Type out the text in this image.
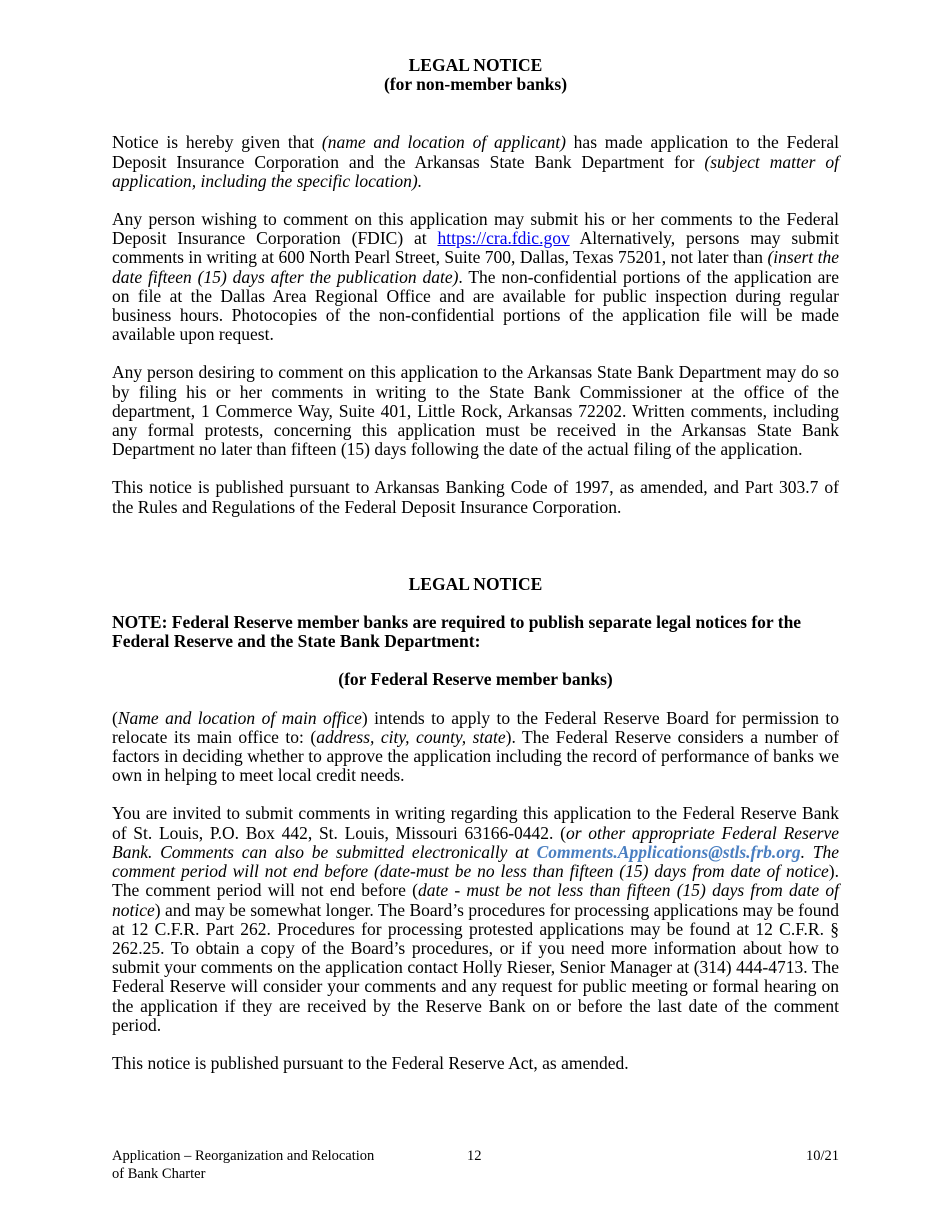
LEGAL NOTICE
(for non-member banks)

Notice is hereby given that (name and location of applicant) has made application to the Federal Deposit Insurance Corporation and the Arkansas State Bank Department for (subject matter of application, including the specific location).

Any person wishing to comment on this application may submit his or her comments to the Federal Deposit Insurance Corporation (FDIC) at https://cra.fdic.gov Alternatively, persons may submit comments in writing at 600 North Pearl Street, Suite 700, Dallas, Texas 75201, not later than (insert the date fifteen (15) days after the publication date). The non-confidential portions of the application are on file at the Dallas Area Regional Office and are available for public inspection during regular business hours. Photocopies of the non-confidential portions of the application file will be made available upon request.

Any person desiring to comment on this application to the Arkansas State Bank Department may do so by filing his or her comments in writing to the State Bank Commissioner at the office of the department, 1 Commerce Way, Suite 401, Little Rock, Arkansas 72202. Written comments, including any formal protests, concerning this application must be received in the Arkansas State Bank Department no later than fifteen (15) days following the date of the actual filing of the application.

This notice is published pursuant to Arkansas Banking Code of 1997, as amended, and Part 303.7 of the Rules and Regulations of the Federal Deposit Insurance Corporation.

LEGAL NOTICE

NOTE: Federal Reserve member banks are required to publish separate legal notices for the Federal Reserve and the State Bank Department:

(for Federal Reserve member banks)

(Name and location of main office) intends to apply to the Federal Reserve Board for permission to relocate its main office to: (address, city, county, state). The Federal Reserve considers a number of factors in deciding whether to approve the application including the record of performance of banks we own in helping to meet local credit needs.

You are invited to submit comments in writing regarding this application to the Federal Reserve Bank of St. Louis, P.O. Box 442, St. Louis, Missouri 63166-0442. (or other appropriate Federal Reserve Bank. Comments can also be submitted electronically at Comments.Applications@stls.frb.org. The comment period will not end before (date-must be no less than fifteen (15) days from date of notice). The comment period will not end before (date - must be not less than fifteen (15) days from date of notice) and may be somewhat longer. The Board’s procedures for processing applications may be found at 12 C.F.R. Part 262. Procedures for processing protested applications may be found at 12 C.F.R. § 262.25. To obtain a copy of the Board’s procedures, or if you need more information about how to submit your comments on the application contact Holly Rieser, Senior Manager at (314) 444-4713. The Federal Reserve will consider your comments and any request for public meeting or formal hearing on the application if they are received by the Reserve Bank on or before the last date of the comment period.

This notice is published pursuant to the Federal Reserve Act, as amended.

Application – Reorganization and Relocation
of Bank Charter
12	10/21
